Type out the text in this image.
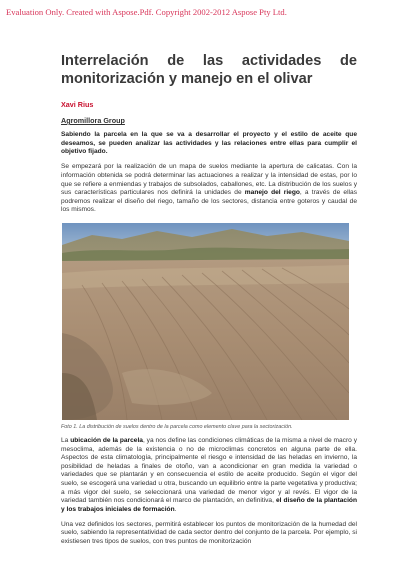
Evaluation Only. Created with Aspose.Pdf. Copyright 2002-2012 Aspose Pty Ltd.
Interrelación de las actividades de monitorización y manejo en el olivar
Xavi Rius
Agromillora Group

Sabiendo la parcela en la que se va a desarrollar el proyecto y el estilo de aceite que deseamos, se pueden analizar las actividades y las relaciones entre ellas para cumplir el objetivo fijado.

Se empezará por la realización de un mapa de suelos mediante la apertura de calicatas. Con la información obtenida se podrá determinar las actuaciones a realizar y la intensidad de estas, por lo que se refiere a enmiendas y trabajos de subsolados, caballones, etc. La distribución de los suelos y sus características particulares nos definirá la unidades de manejo del riego, a través de ellas podremos realizar el diseño del riego, tamaño de los sectores, distancia entre goteros y caudal de los mismos.

Foto 1. La distribución de suelos dentro de la parcela como elemento clave para la sectorización.

La ubicación de la parcela, ya nos define las condiciones climáticas de la misma a nivel de macro y mesoclima, además de la existencia o no de microclimas concretos en alguna parte de ella. Aspectos de esta climatología, principalmente el riesgo e intensidad de las heladas en invierno, la posibilidad de heladas a finales de otoño, van a acondicionar en gran medida la variedad o variedades que se plantarán y en consecuencia el estilo de aceite producido. Según el vigor del suelo, se escogerá una variedad u otra, buscando un equilibrio entre la parte vegetativa y productiva; a más vigor del suelo, se seleccionará una variedad de menor vigor y al revés. El vigor de la variedad también nos condicionará el marco de plantación, en definitiva, el diseño de la plantación y los trabajos iniciales de formación.

Una vez definidos los sectores, permitirá establecer los puntos de monitorización de la humedad del suelo, sabiendo la representatividad de cada sector dentro del conjunto de la parcela. Por ejemplo, si existiesen tres tipos de suelos, con tres puntos de monitorización
